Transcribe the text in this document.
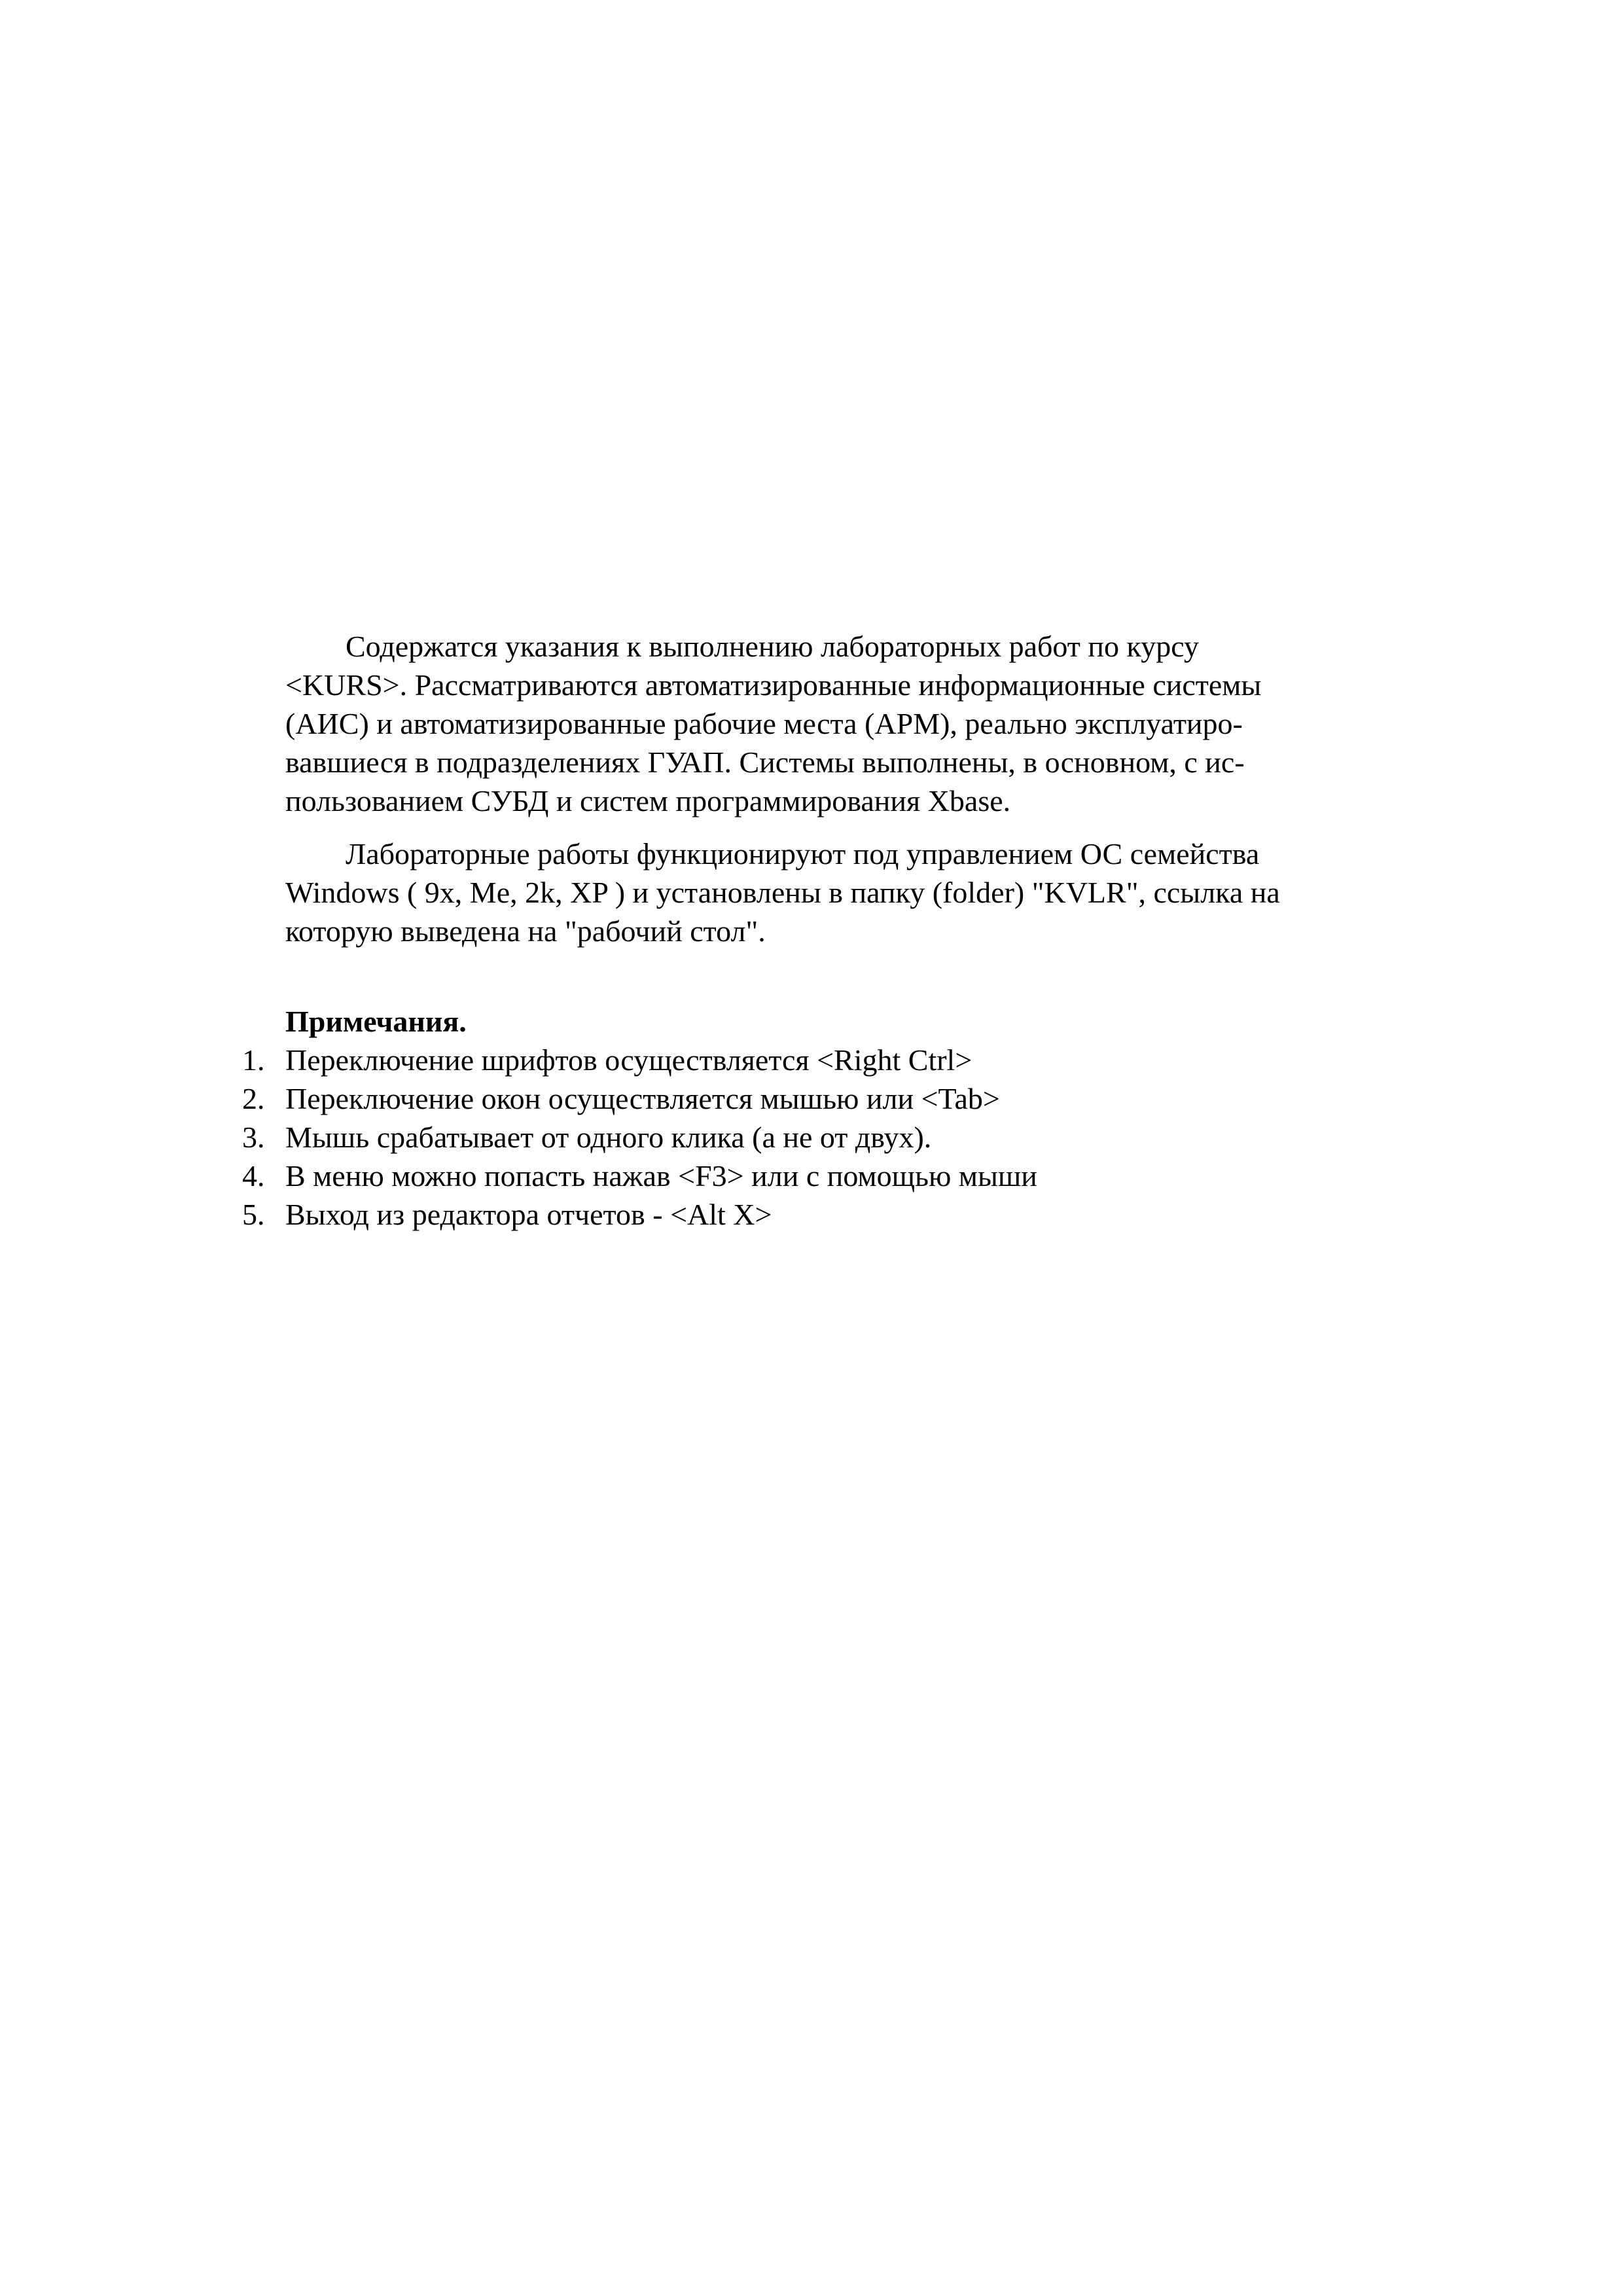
Содержатся указания к выполнению лабораторных работ по курсу
<KURS>. Рассматриваются автоматизированные информационные системы
(АИС) и автоматизированные рабочие места (АРМ), реально эксплуатиро-
вавшиеся в подразделениях ГУАП. Системы выполнены, в основном, с ис-
пользованием СУБД и систем программирования Xbase.

Лабораторные работы функционируют под управлением ОС семейства
Windows ( 9x, Me, 2k, XP ) и установлены в папку (folder) "KVLR", ссылка на
которую выведена на "рабочий стол".

Примечания.

1. Переключение шрифтов осуществляется <Right Ctrl>
2. Переключение окон осуществляется мышью или <Tab>
3. Мышь срабатывает от одного клика (а не от двух).
4. В меню можно попасть нажав <F3> или с помощью мыши
5. Выход из редактора отчетов - <Alt X>
